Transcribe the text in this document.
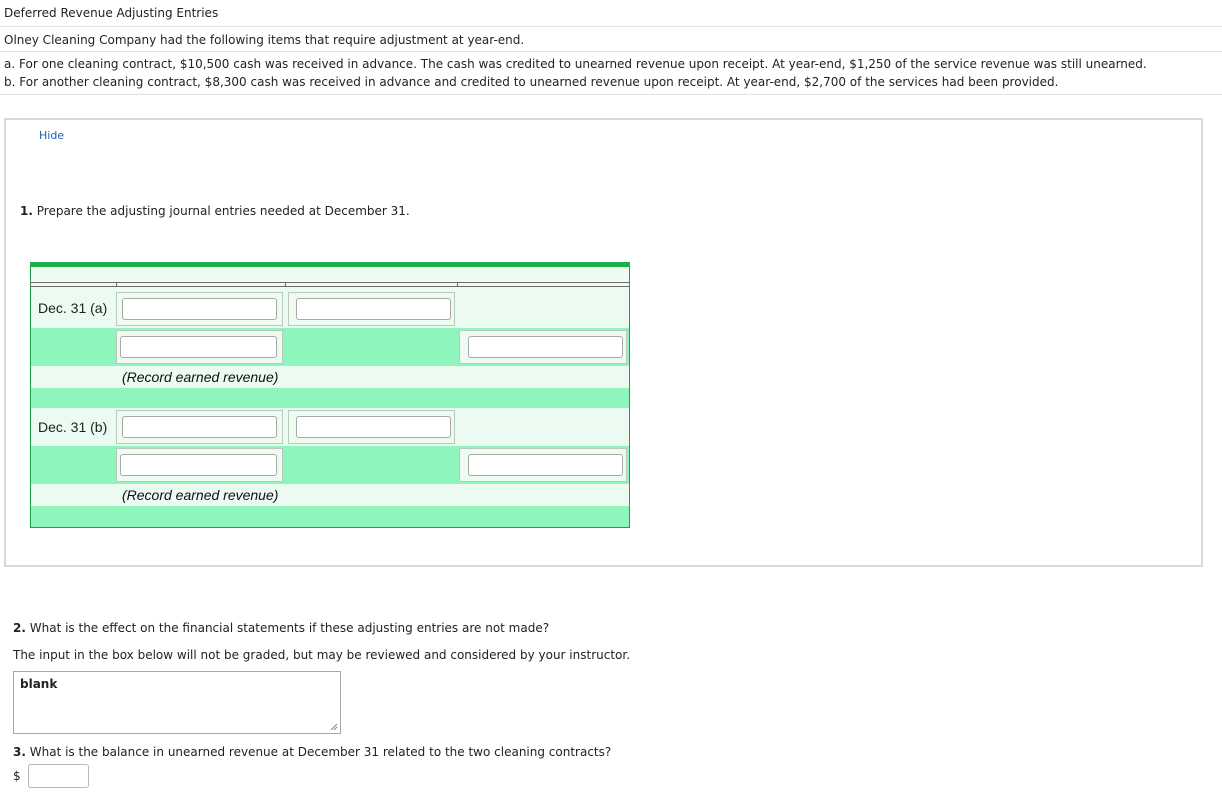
Deferred Revenue Adjusting Entries
Olney Cleaning Company had the following items that require adjustment at year-end.
a. For one cleaning contract, $10,500 cash was received in advance. The cash was credited to unearned revenue upon receipt. At year-end, $1,250 of the service revenue was still unearned.
b. For another cleaning contract, $8,300 cash was received in advance and credited to unearned revenue upon receipt. At year-end, $2,700 of the services had been provided.
Hide
1. Prepare the adjusting journal entries needed at December 31.
Dec. 31 (a)
(Record earned revenue)
Dec. 31 (b)
(Record earned revenue)
2. What is the effect on the financial statements if these adjusting entries are not made?
The input in the box below will not be graded, but may be reviewed and considered by your instructor.
blank
3. What is the balance in unearned revenue at December 31 related to the two cleaning contracts?
$
